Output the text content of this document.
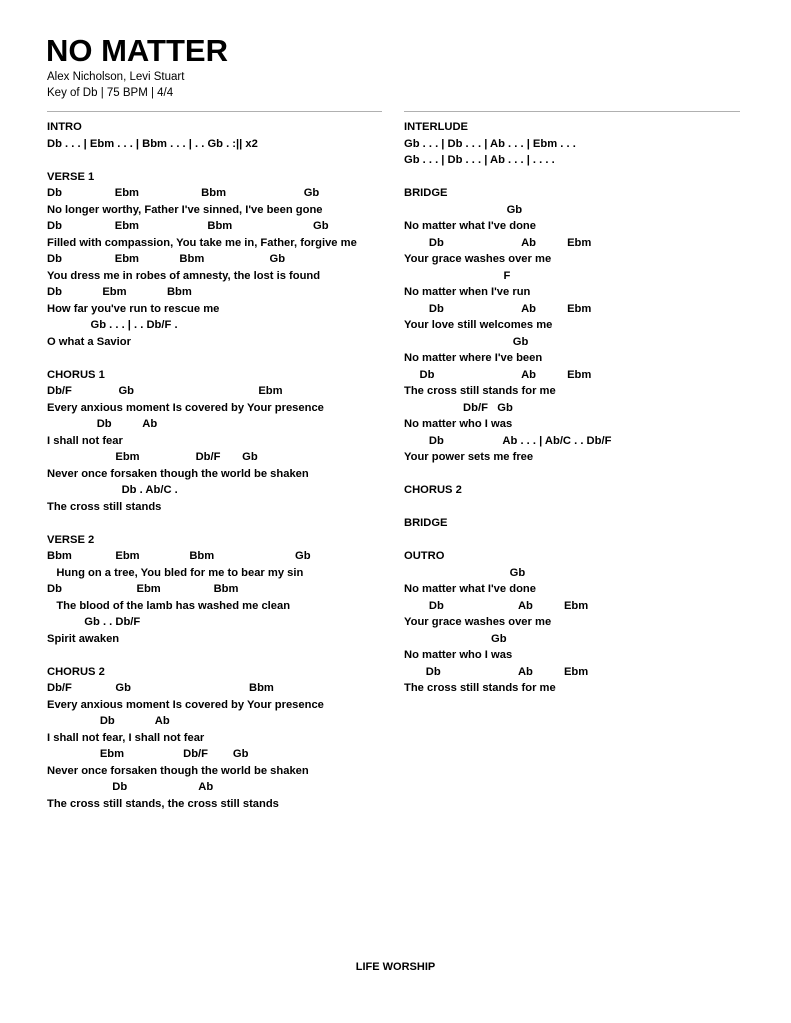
NO MATTER
Alex Nicholson, Levi Stuart
Key of Db | 75 BPM | 4/4
INTRO
Db . . . | Ebm . . . | Bbm . . . | . . Gb . :|| x2
VERSE 1
Db                 Ebm                    Bbm                         Gb
No longer worthy, Father I've sinned, I've been gone
Db                 Ebm                      Bbm                          Gb
Filled with compassion, You take me in, Father, forgive me
Db                 Ebm             Bbm                     Gb
You dress me in robes of amnesty, the lost is found
Db             Ebm             Bbm
How far you've run to rescue me
Gb . . . | . . Db/F .
O what a Savior
CHORUS 1
Db/F               Gb                                        Ebm
Every anxious moment Is covered by Your presence
Db          Ab
I shall not fear
Ebm                  Db/F       Gb
Never once forsaken though the world be shaken
Db . Ab/C .
The cross still stands
VERSE 2
Bbm              Ebm                Bbm                          Gb
Hung on a tree, You bled for me to bear my sin
Db                        Ebm                 Bbm
The blood of the lamb has washed me clean
Gb . . Db/F
Spirit awaken
CHORUS 2
Db/F              Gb                                      Bbm
Every anxious moment Is covered by Your presence
Db             Ab
I shall not fear, I shall not fear
Ebm                   Db/F        Gb
Never once forsaken though the world be shaken
Db                       Ab
The cross still stands, the cross still stands
INTERLUDE
Gb . . . | Db . . . | Ab . . . | Ebm . . .
Gb . . . | Db . . . | Ab . . . | . . . .
BRIDGE
Gb
No matter what I've done
Db                         Ab          Ebm
Your grace washes over me
F
No matter when I've run
Db                         Ab          Ebm
Your love still welcomes me
Gb
No matter where I've been
Db                            Ab          Ebm
The cross still stands for me
Db/F   Gb
No matter who I was
Db                   Ab . . . | Ab/C . . Db/F
Your power sets me free
CHORUS 2
BRIDGE
OUTRO
Gb
No matter what I've done
Db                        Ab          Ebm
Your grace washes over me
Gb
No matter who I was
Db                         Ab          Ebm
The cross still stands for me
LIFE WORSHIP
